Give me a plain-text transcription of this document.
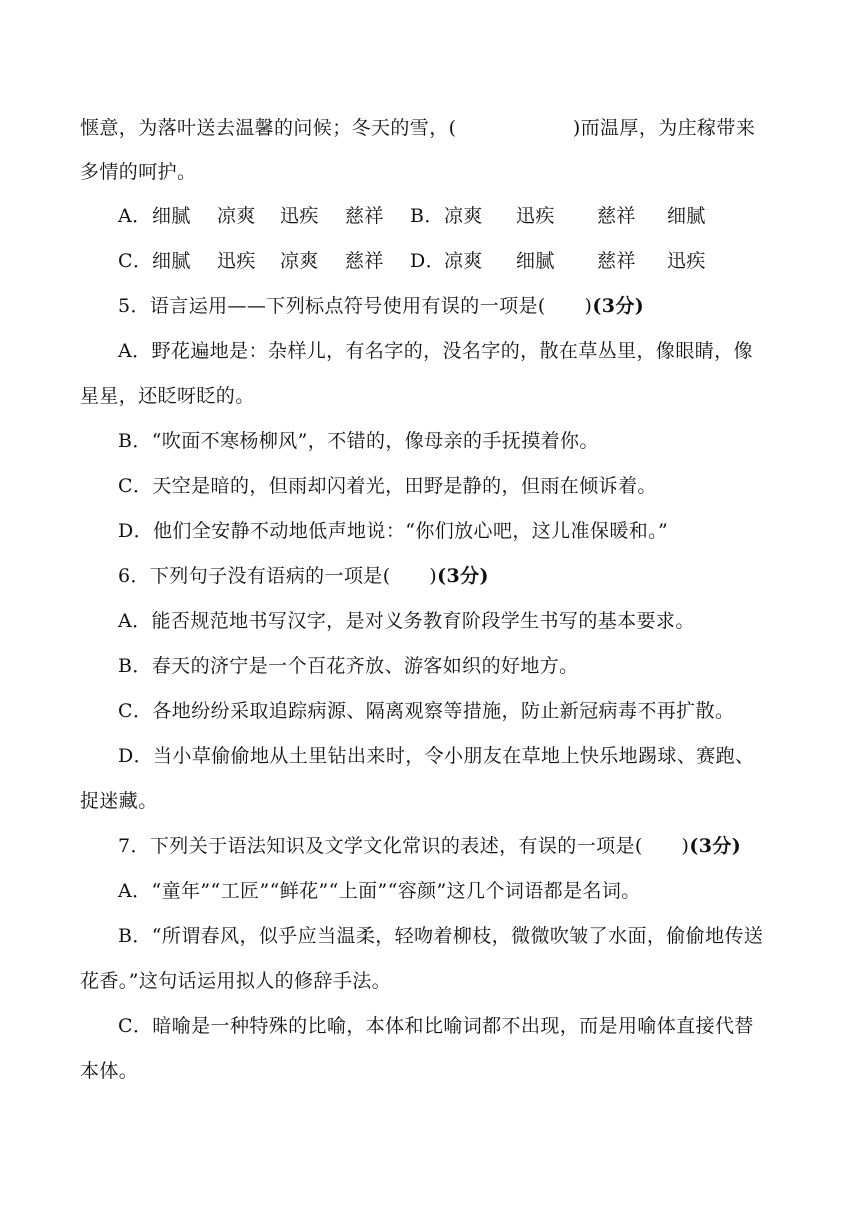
惬意，为落叶送去温馨的问候；冬天的雪，(　　　　　　)而温厚，为庄稼带来
多情的呵护。
A．细腻 凉爽 迅疾 慈祥 B．凉爽 迅疾 慈祥 细腻
C．细腻 迅疾 凉爽 慈祥 D．凉爽 细腻 慈祥 迅疾
5．语言运用——下列标点符号使用有误的一项是(　　)(3分)
A．野花遍地是：杂样儿，有名字的，没名字的，散在草丛里，像眼睛，像
星星，还眨呀眨的。
B．“吹面不寒杨柳风”，不错的，像母亲的手抚摸着你。
C．天空是暗的，但雨却闪着光，田野是静的，但雨在倾诉着。
D．他们全安静不动地低声地说：“你们放心吧，这儿准保暖和。”
6．下列句子没有语病的一项是(　　)(3分)
A．能否规范地书写汉字，是对义务教育阶段学生书写的基本要求。
B．春天的济宁是一个百花齐放、游客如织的好地方。
C．各地纷纷采取追踪病源、隔离观察等措施，防止新冠病毒不再扩散。
D．当小草偷偷地从土里钻出来时，令小朋友在草地上快乐地踢球、赛跑、
捉迷藏。
7．下列关于语法知识及文学文化常识的表述，有误的一项是(　　)(3分)
A．“童年”“工匠”“鲜花”“上面”“容颜”这几个词语都是名词。
B．“所谓春风，似乎应当温柔，轻吻着柳枝，微微吹皱了水面，偷偷地传送
花香。”这句话运用拟人的修辞手法。
C．暗喻是一种特殊的比喻，本体和比喻词都不出现，而是用喻体直接代替
本体。
